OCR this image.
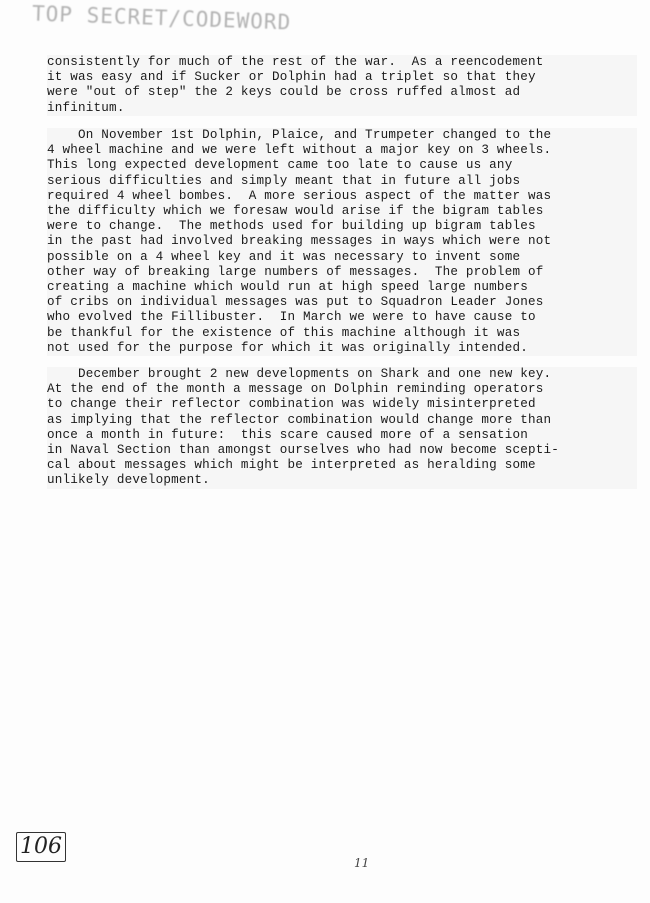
TOP SECRET/CODEWORD
consistently for much of the rest of the war.  As a reencodement
it was easy and if Sucker or Dolphin had a triplet so that they
were "out of step" the 2 keys could be cross ruffed almost ad
infinitum.
On November 1st Dolphin, Plaice, and Trumpeter changed to the
4 wheel machine and we were left without a major key on 3 wheels.
This long expected development came too late to cause us any
serious difficulties and simply meant that in future all jobs
required 4 wheel bombes.  A more serious aspect of the matter was
the difficulty which we foresaw would arise if the bigram tables
were to change.  The methods used for building up bigram tables
in the past had involved breaking messages in ways which were not
possible on a 4 wheel key and it was necessary to invent some
other way of breaking large numbers of messages.  The problem of
creating a machine which would run at high speed large numbers
of cribs on individual messages was put to Squadron Leader Jones
who evolved the Fillibuster.  In March we were to have cause to
be thankful for the existence of this machine although it was
not used for the purpose for which it was originally intended.
December brought 2 new developments on Shark and one new key.
At the end of the month a message on Dolphin reminding operators
to change their reflector combination was widely misinterpreted
as implying that the reflector combination would change more than
once a month in future:  this scare caused more of a sensation
in Naval Section than amongst ourselves who had now become scepti-
cal about messages which might be interpreted as heralding some
unlikely development.
106
11
